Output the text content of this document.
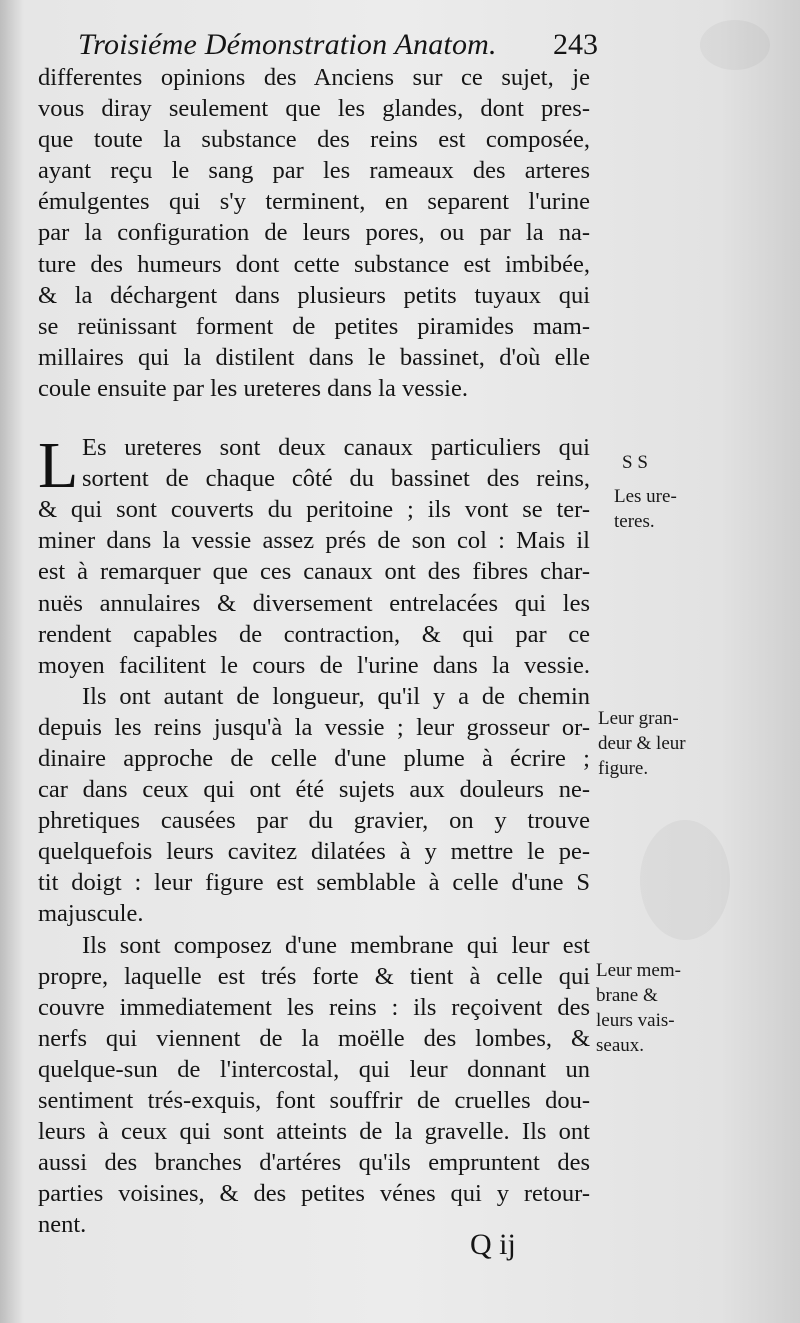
Troisiéme Démonstration Anatom. 243
differentes opinions des Anciens sur ce sujet, je
vous diray seulement que les glandes, dont pres-
que toute la substance des reins est composée,
ayant reçu le sang par les rameaux des arteres
émulgentes qui s'y terminent, en separent l'urine
par la configuration de leurs pores, ou par la na-
ture des humeurs dont cette substance est imbibée,
& la déchargent dans plusieurs petits tuyaux qui
se reünissant forment de petites piramides mam-
millaires qui la distilent dans le bassinet, d'où elle
coule ensuite par les ureteres dans la vessie.
L Es ureteres sont deux canaux particuliers qui
sortent de chaque côté du bassinet des reins,
& qui sont couverts du peritoine ; ils vont se ter-
miner dans la vessie assez prés de son col : Mais il
est à remarquer que ces canaux ont des fibres char-
nuës annulaires & diversement entrelacées qui les
rendent capables de contraction, & qui par ce
moyen facilitent le cours de l'urine dans la vessie.
Ils ont autant de longueur, qu'il y a de chemin
depuis les reins jusqu'à la vessie ; leur grosseur or-
dinaire approche de celle d'une plume à écrire ;
car dans ceux qui ont été sujets aux douleurs ne-
phretiques causées par du gravier, on y trouve
quelquefois leurs cavitez dilatées à y mettre le pe-
tit doigt : leur figure est semblable à celle d'une S
majuscule.
Ils sont composez d'une membrane qui leur est
propre, laquelle est trés forte & tient à celle qui
couvre immediatement les reins : ils reçoivent des
nerfs qui viennent de la moëlle des lombes, &
quelque-sun de l'intercostal, qui leur donnant un
sentiment trés-exquis, font souffrir de cruelles dou-
leurs à ceux qui sont atteints de la gravelle. Ils ont
aussi des branches d'artéres qu'ils empruntent des
parties voisines, & des petites vénes qui y retour-
nent.
S S
Les ure-
teres.
Leur gran-
deur & leur
figure.
Leur mem-
brane &
leurs vais-
seaux.
Q ij
